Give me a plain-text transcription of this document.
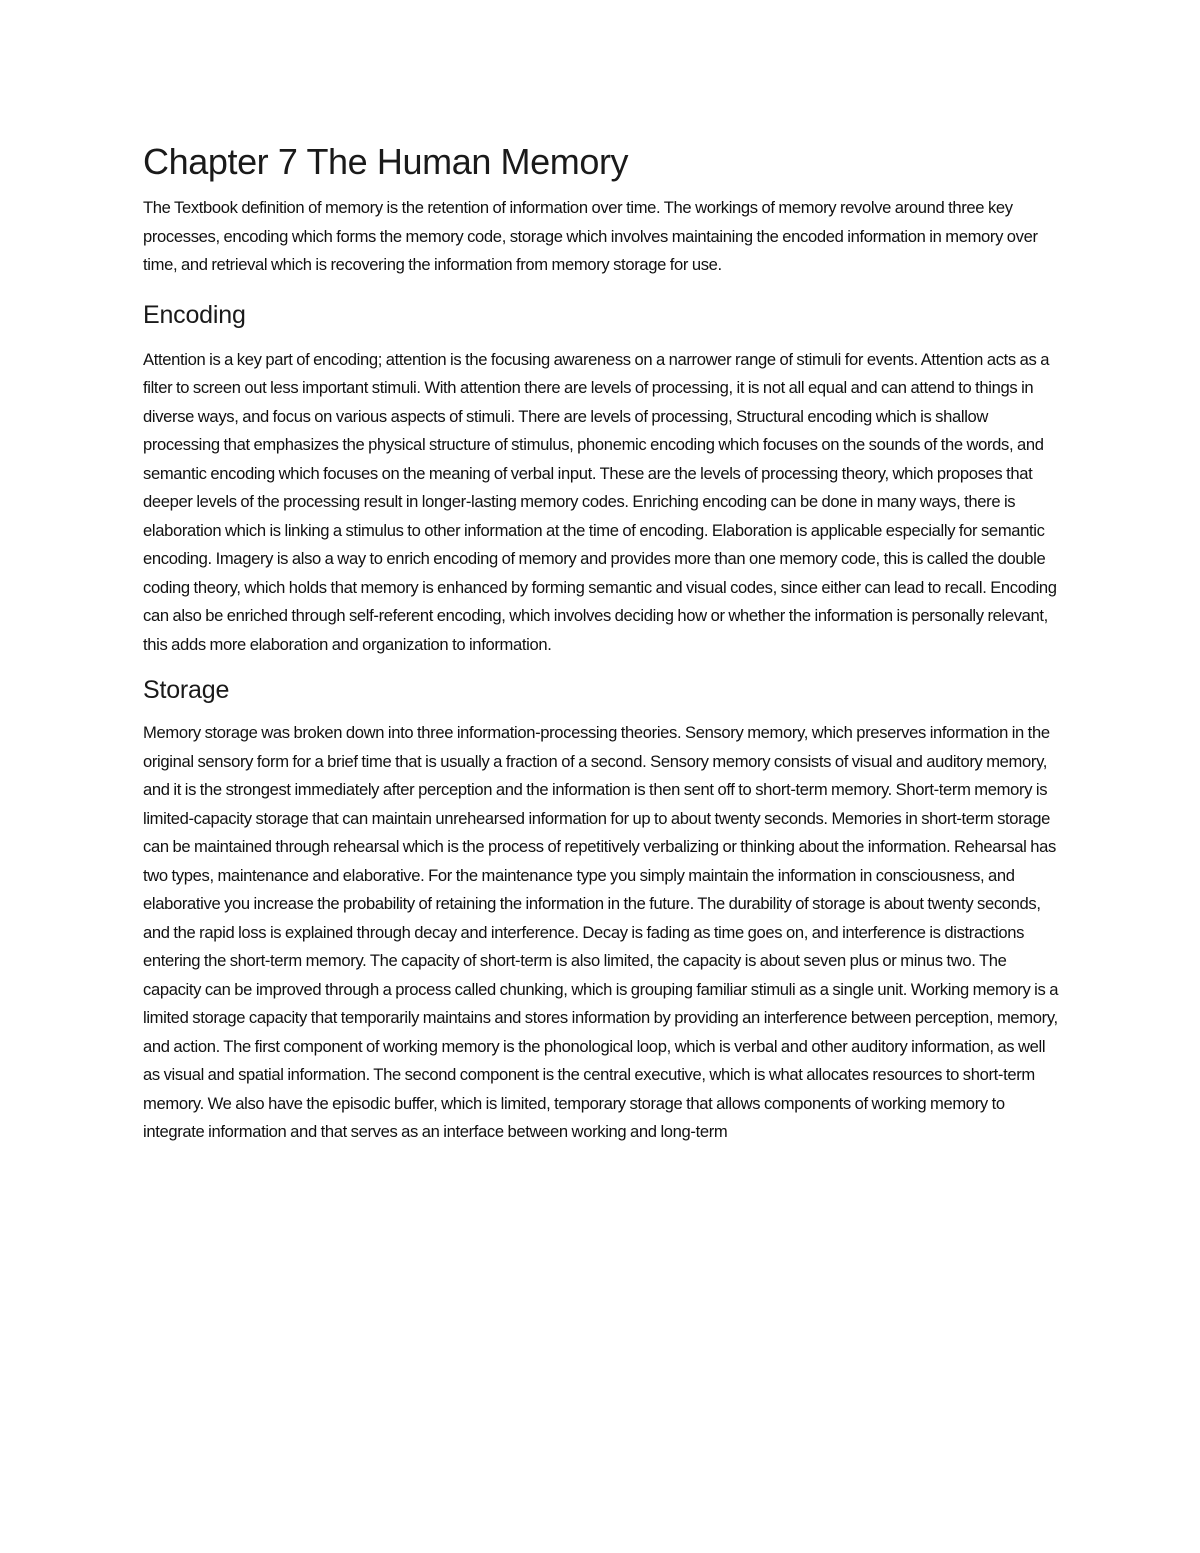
Chapter 7 The Human Memory

The Textbook definition of memory is the retention of information over time. The workings of memory revolve around three key processes, encoding which forms the memory code, storage which involves maintaining the encoded information in memory over time, and retrieval which is recovering the information from memory storage for use.

Encoding

Attention is a key part of encoding; attention is the focusing awareness on a narrower range of stimuli for events. Attention acts as a filter to screen out less important stimuli. With attention there are levels of processing, it is not all equal and can attend to things in diverse ways, and focus on various aspects of stimuli. There are levels of processing, Structural encoding which is shallow processing that emphasizes the physical structure of stimulus, phonemic encoding which focuses on the sounds of the words, and semantic encoding which focuses on the meaning of verbal input. These are the levels of processing theory, which proposes that deeper levels of the processing result in longer-lasting memory codes. Enriching encoding can be done in many ways, there is elaboration which is linking a stimulus to other information at the time of encoding. Elaboration is applicable especially for semantic encoding. Imagery is also a way to enrich encoding of memory and provides more than one memory code, this is called the double coding theory, which holds that memory is enhanced by forming semantic and visual codes, since either can lead to recall. Encoding can also be enriched through self-referent encoding, which involves deciding how or whether the information is personally relevant, this adds more elaboration and organization to information.

Storage

Memory storage was broken down into three information-processing theories. Sensory memory, which preserves information in the original sensory form for a brief time that is usually a fraction of a second. Sensory memory consists of visual and auditory memory, and it is the strongest immediately after perception and the information is then sent off to short-term memory. Short-term memory is limited-capacity storage that can maintain unrehearsed information for up to about twenty seconds. Memories in short-term storage can be maintained through rehearsal which is the process of repetitively verbalizing or thinking about the information. Rehearsal has two types, maintenance and elaborative. For the maintenance type you simply maintain the information in consciousness, and elaborative you increase the probability of retaining the information in the future. The durability of storage is about twenty seconds, and the rapid loss is explained through decay and interference. Decay is fading as time goes on, and interference is distractions entering the short-term memory. The capacity of short-term is also limited, the capacity is about seven plus or minus two. The capacity can be improved through a process called chunking, which is grouping familiar stimuli as a single unit. Working memory is a limited storage capacity that temporarily maintains and stores information by providing an interference between perception, memory, and action. The first component of working memory is the phonological loop, which is verbal and other auditory information, as well as visual and spatial information. The second component is the central executive, which is what allocates resources to short-term memory. We also have the episodic buffer, which is limited, temporary storage that allows components of working memory to integrate information and that serves as an interface between working and long-term
